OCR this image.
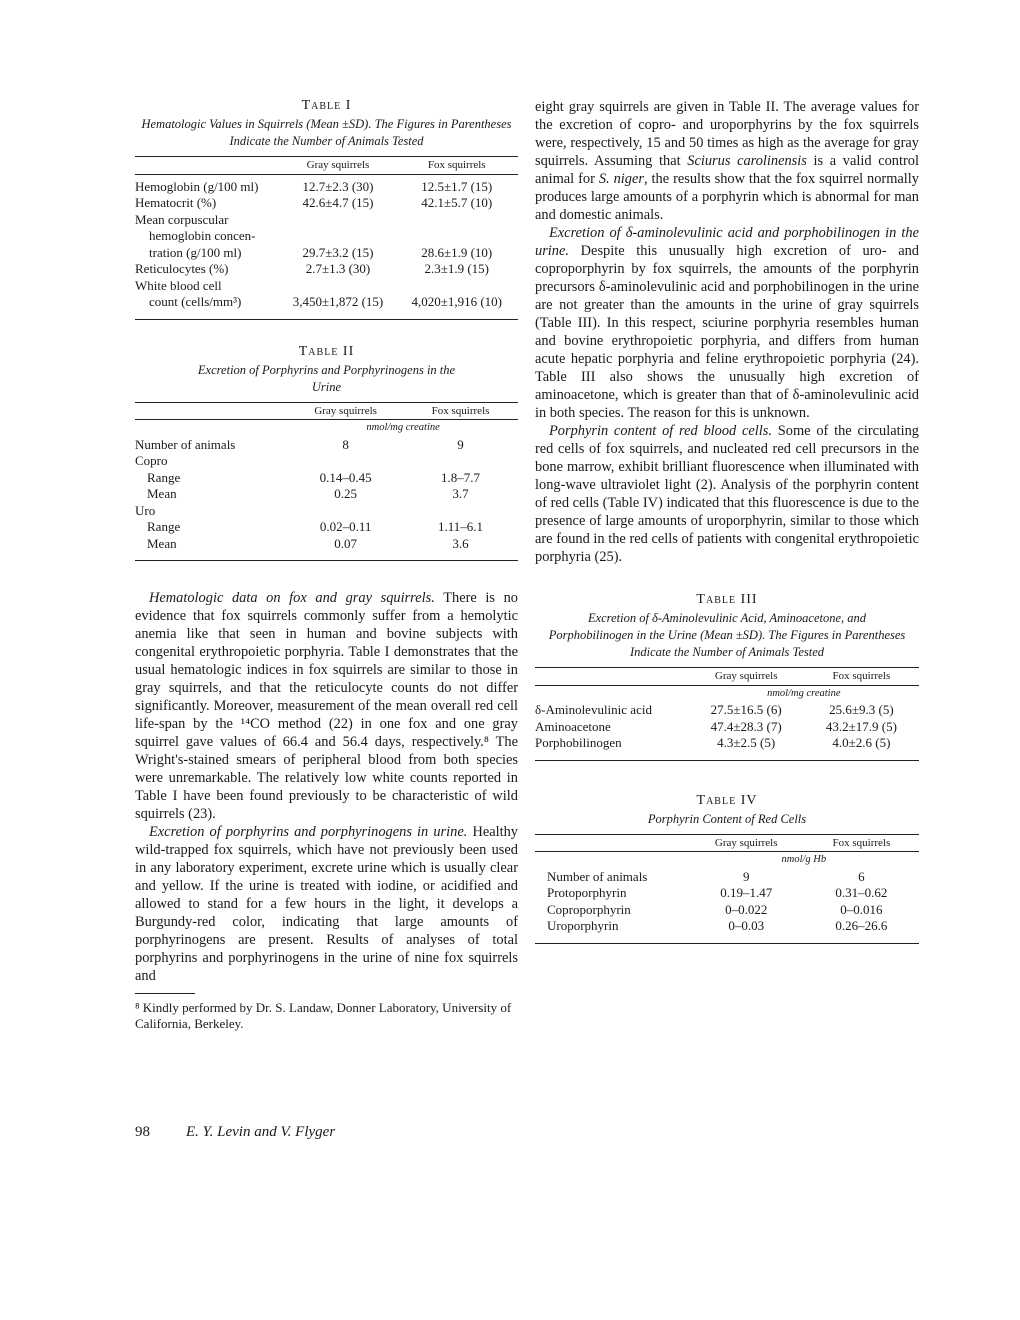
Table I

Hematologic Values in Squirrels (Mean ±SD). The Figures in Parentheses Indicate the Number of Animals Tested

	Gray squirrels	Fox squirrels

Hemoglobin (g/100 ml)	12.7±2.3 (30)	12.5±1.7 (15)
Hematocrit (%)	42.6±4.7 (15)	42.1±5.7 (10)
Mean corpuscular		
hemoglobin concen-		
tration (g/100 ml)	29.7±3.2 (15)	28.6±1.9 (10)
Reticulocytes (%)	2.7±1.3 (30)	2.3±1.9 (15)
White blood cell		
count (cells/mm³)	3,450±1,872 (15)	4,020±1,916 (10)

Table II

Excretion of Porphyrins and Porphyrinogens in the Urine

	Gray squirrels	Fox squirrels
	nmol/mg creatine	
Number of animals	8	9
Copro		
Range	0.14–0.45	1.8–7.7
Mean	0.25	3.7
Uro		
Range	0.02–0.11	1.11–6.1
Mean	0.07	3.6

Hematologic data on fox and gray squirrels. There is no evidence that fox squirrels commonly suffer from a hemolytic anemia like that seen in human and bovine subjects with congenital erythropoietic porphyria. Table I demonstrates that the usual hematologic indices in fox squirrels are similar to those in gray squirrels, and that the reticulocyte counts do not differ significantly. Moreover, measurement of the mean overall red cell life-span by the ¹⁴CO method (22) in one fox and one gray squirrel gave values of 66.4 and 56.4 days, respectively.⁸ The Wright's-stained smears of peripheral blood from both species were unremarkable. The relatively low white counts reported in Table I have been found previously to be characteristic of wild squirrels (23).

Excretion of porphyrins and porphyrinogens in urine. Healthy wild-trapped fox squirrels, which have not previously been used in any laboratory experiment, excrete urine which is usually clear and yellow. If the urine is treated with iodine, or acidified and allowed to stand for a few hours in the light, it develops a Burgundy-red color, indicating that large amounts of porphyrinogens are present. Results of analyses of total porphyrins and porphyrinogens in the urine of nine fox squirrels and

⁸ Kindly performed by Dr. S. Landaw, Donner Laboratory, University of California, Berkeley.

eight gray squirrels are given in Table II. The average values for the excretion of copro- and uroporphyrins by the fox squirrels were, respectively, 15 and 50 times as high as the average for gray squirrels. Assuming that Sciurus carolinensis is a valid control animal for S. niger, the results show that the fox squirrel normally produces large amounts of a porphyrin which is abnormal for man and domestic animals.

Excretion of δ-aminolevulinic acid and porphobilinogen in the urine. Despite this unusually high excretion of uro- and coproporphyrin by fox squirrels, the amounts of the porphyrin precursors δ-aminolevulinic acid and porphobilinogen in the urine are not greater than the amounts in the urine of gray squirrels (Table III). In this respect, sciurine porphyria resembles human and bovine erythropoietic porphyria, and differs from human acute hepatic porphyria and feline erythropoietic porphyria (24). Table III also shows the unusually high excretion of aminoacetone, which is greater than that of δ-aminolevulinic acid in both species. The reason for this is unknown.

Porphyrin content of red blood cells. Some of the circulating red cells of fox squirrels, and nucleated red cell precursors in the bone marrow, exhibit brilliant fluorescence when illuminated with long-wave ultraviolet light (2). Analysis of the porphyrin content of red cells (Table IV) indicated that this fluorescence is due to the presence of large amounts of uroporphyrin, similar to those which are found in the red cells of patients with congenital erythropoietic porphyria (25).

Table III

Excretion of δ-Aminolevulinic Acid, Aminoacetone, and Porphobilinogen in the Urine (Mean ±SD). The Figures in Parentheses Indicate the Number of Animals Tested

	Gray squirrels	Fox squirrels
	nmol/mg creatine	
δ-Aminolevulinic acid	27.5±16.5 (6)	25.6±9.3 (5)
Aminoacetone	47.4±28.3 (7)	43.2±17.9 (5)
Porphobilinogen	4.3±2.5 (5)	4.0±2.6 (5)

Table IV

Porphyrin Content of Red Cells

	Gray squirrels	Fox squirrels
	nmol/g Hb	
Number of animals	9	6
Protoporphyrin	0.19–1.47	0.31–0.62
Coproporphyrin	0–0.022	0–0.016
Uroporphyrin	0–0.03	0.26–26.6

98 E. Y. Levin and V. Flyger
